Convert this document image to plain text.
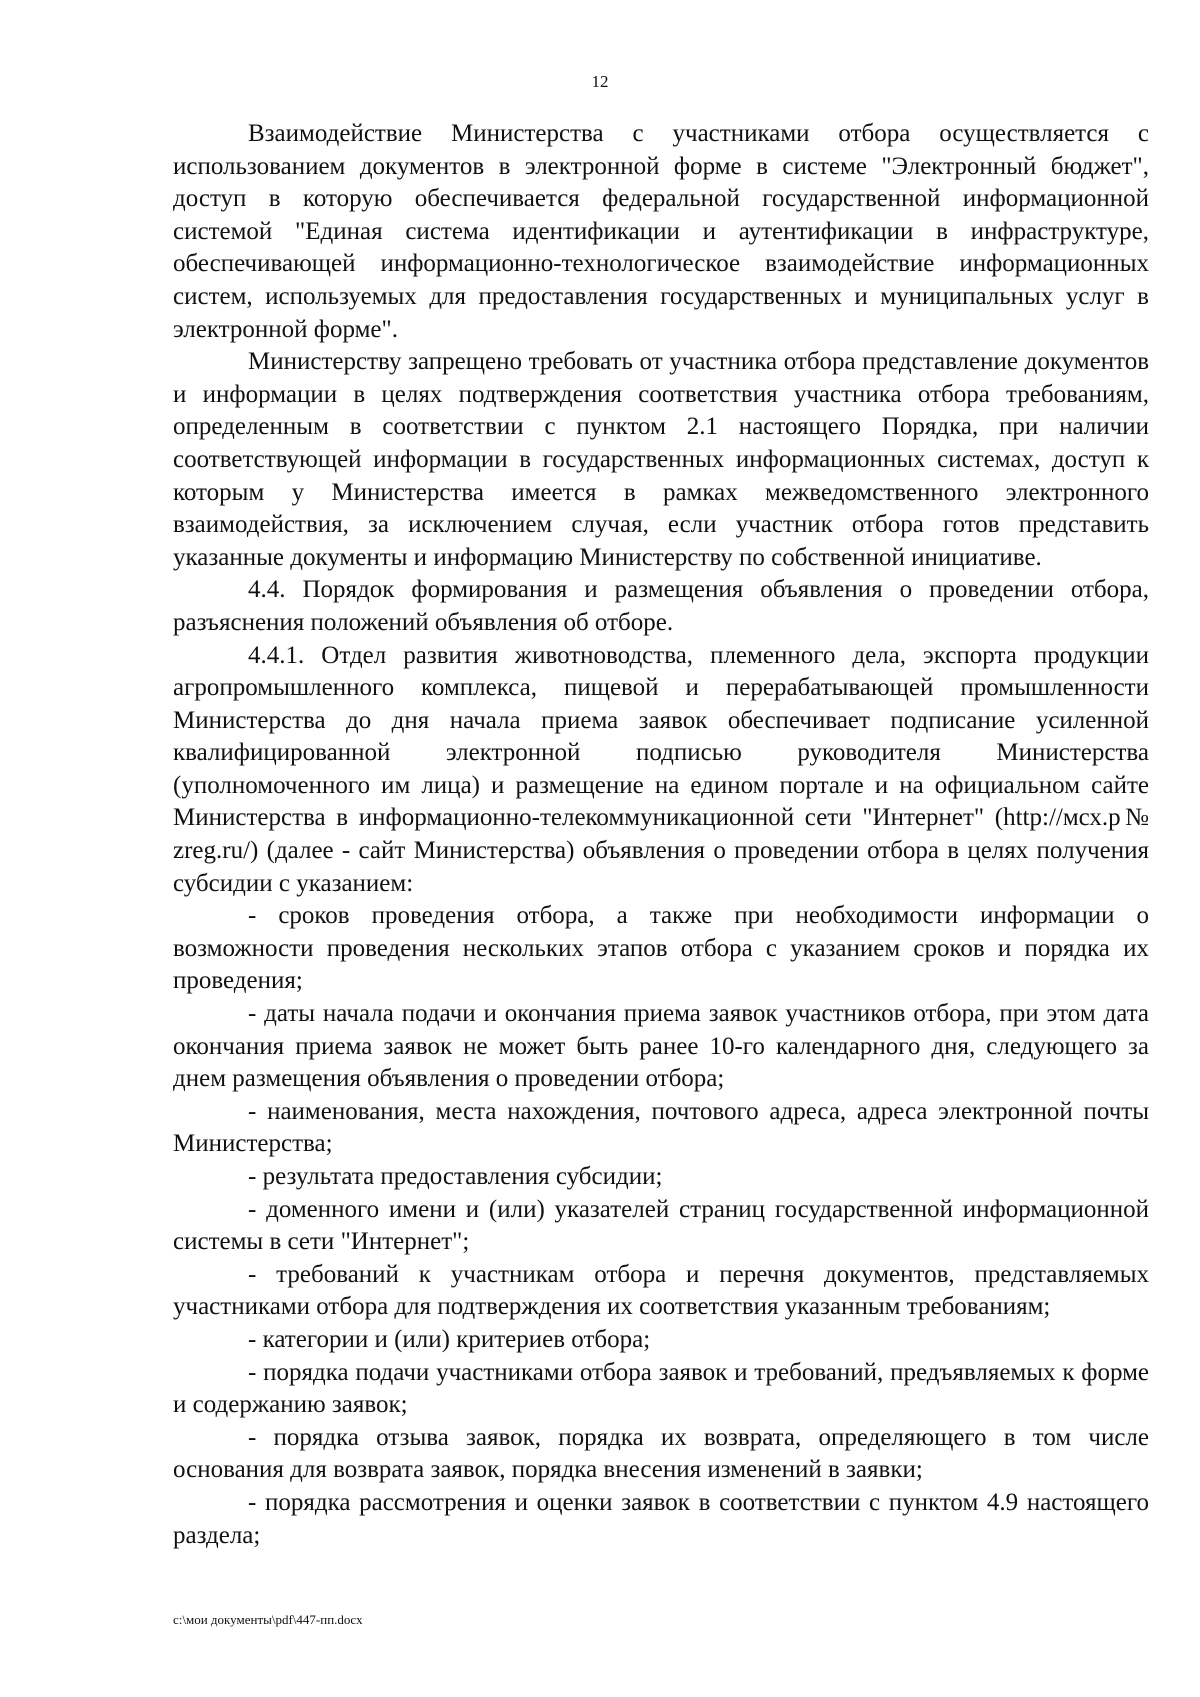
12

Взаимодействие Министерства с участниками отбора осуществляется с использованием документов в электронной форме в системе "Электронный бюджет", доступ в которую обеспечивается федеральной государственной информационной системой "Единая система идентификации и аутентификации в инфраструктуре, обеспечивающей информационно-технологическое взаимодействие информационных систем, используемых для предоставления государственных и муниципальных услуг в электронной форме".

Министерству запрещено требовать от участника отбора представление документов и информации в целях подтверждения соответствия участника отбора требованиям, определенным в соответствии с пунктом 2.1 настоящего Порядка, при наличии соответствующей информации в государственных информационных системах, доступ к которым у Министерства имеется в рамках межведомственного электронного взаимодействия, за исключением случая, если участник отбора готов представить указанные документы и информацию Министерству по собственной инициативе.

4.4. Порядок формирования и размещения объявления о проведении отбора, разъяснения положений объявления об отборе.

4.4.1. Отдел развития животноводства, племенного дела, экспорта продукции агропромышленного комплекса, пищевой и перерабатывающей промышленности Министерства до дня начала приема заявок обеспечивает подписание усиленной квалифицированной электронной подписью руководителя Министерства (уполномоченного им лица) и размещение на едином портале и на официальном сайте Министерства в информационно-телекоммуникационной сети "Интернет" (http://мсх.р№ zreg.ru/) (далее - сайт Министерства) объявления о проведении отбора в целях получения субсидии с указанием:

- сроков проведения отбора, а также при необходимости информации о возможности проведения нескольких этапов отбора с указанием сроков и порядка их проведения;

- даты начала подачи и окончания приема заявок участников отбора, при этом дата окончания приема заявок не может быть ранее 10-го календарного дня, следующего за днем размещения объявления о проведении отбора;

- наименования, места нахождения, почтового адреса, адреса электронной почты Министерства;

- результата предоставления субсидии;

- доменного имени и (или) указателей страниц государственной информационной системы в сети "Интернет";

- требований к участникам отбора и перечня документов, представляемых участниками отбора для подтверждения их соответствия указанным требованиям;

- категории и (или) критериев отбора;

- порядка подачи участниками отбора заявок и требований, предъявляемых к форме и содержанию заявок;

- порядка отзыва заявок, порядка их возврата, определяющего в том числе основания для возврата заявок, порядка внесения изменений в заявки;

- порядка рассмотрения и оценки заявок в соответствии с пунктом 4.9 настоящего раздела;

c:\мои документы\pdf\447-пп.docx
